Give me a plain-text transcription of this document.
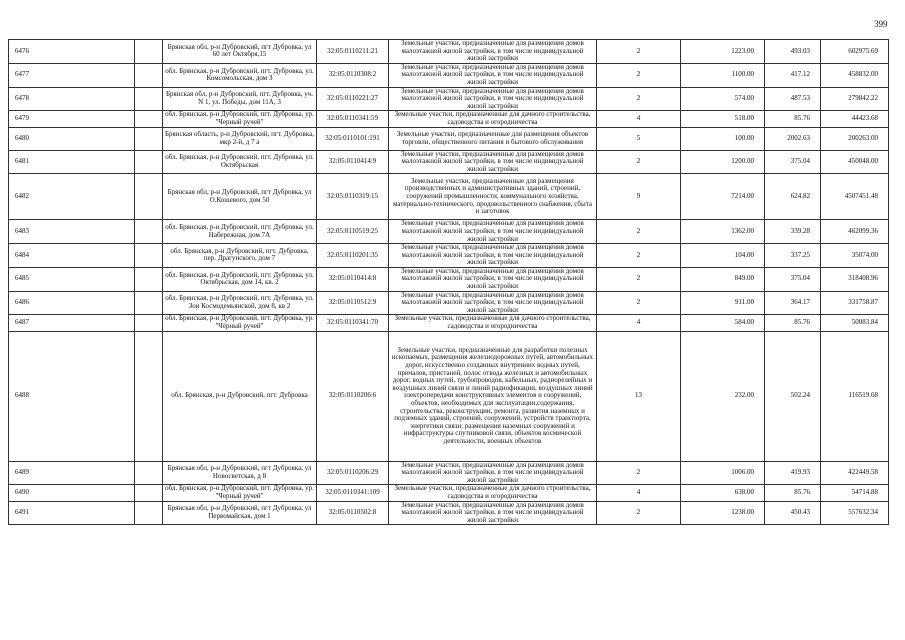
399
6476		Брянская обл, р-н Дубровский, пгт Дубровка, ул 60 лет Октября,15	32:05:0110211:21	Земельные участки, предназначенные для размещения домов малоэтажной жилой застройки, в том числе индивидуальной жилой застройки	2	1223.00	493.03	602975.69
6477		обл. Брянская, р-н Дубровский, пгт. Дубровка, ул. Комсомольская, дом 3	32:05:0110308:2	Земельные участки, предназначенные для размещения домов малоэтажной жилой застройки, в том числе индивидуальной жилой застройки	2	1100.00	417.12	458832.00
6478		Брянская обл, р-н Дубровский, пгт. Дубровка, уч. N 1, ул. Победы, дом 11А, 3	32:05:0110221:27	Земельные участки, предназначенные для размещения домов малоэтажной жилой застройки, в том числе индивидуальной жилой застройки	2	574.00	487.53	279842.22
6479		обл. Брянская, р-н Дубровский, пгт. Дубровка, ур. "Черный ручей"	32:05:0110341:59	Земельные участки, предназначенные для дачного строительства, садоводства и огородничества	4	518.00	85.76	44423.68
6480		Брянская область, р-н Дубровский, пгт. Дубровка, мкр 2-й, д 7 а	32:05:0110101:191	Земельные участки, предназначенные для размещения объектов торговли, общественного питания и бытового обслуживания	5	100.00	2002.63	200263.00
6481		обл. Брянская, р-н Дубровский, пгт. Дубровка, ул. Октябрьская	32:05:0110414:9	Земельные участки, предназначенные для размещения домов малоэтажной жилой застройки, в том числе индивидуальной жилой застройки	2	1200.00	375.04	450048.00
6482		Брянская обл, р-н Дубровский, пгт Дубровка, ул О.Кошевого, дом 50	32:05:0110319:15	Земельные участки, предназначенные для размещения производственных и административных зданий, строений, сооружений промышленности, коммунального хозяйства, материально-технического, продовольственного снабжения, сбыта и заготовок	9	7214.00	624.82	4507451.48
6483		обл. Брянская, р-н Дубровский, пгт. Дубровка, ул. Набережная, дом 7А	32:05:0110519:25	Земельные участки, предназначенные для размещения домов малоэтажной жилой застройки, в том числе индивидуальной жилой застройки	2	1362.00	339.28	462099.36
6484		обл. Брянская, р-н Дубровский, пгт. Дубровка, пер. Драгунского, дом 7	32:05:0110201:35	Земельные участки, предназначенные для размещения домов малоэтажной жилой застройки, в том числе индивидуальной жилой застройки	2	104.00	337.25	35074.00
6485		обл. Брянская, р-н Дубровский, пгт. Дубровка, ул. Октябрьская, дом 14, кв. 2	32:05:0110414:8	Земельные участки, предназначенные для размещения домов малоэтажной жилой застройки, в том числе индивидуальной жилой застройки	2	849.00	375.04	318408.96
6486		обл. Брянская, р-н Дубровский, пгт. Дубровка, ул. Зои Космодемьянской, дом 8, кв 2	32:05:0110512:9	Земельные участки, предназначенные для размещения домов малоэтажной жилой застройки, в том числе индивидуальной жилой застройки	2	911.00	364.17	331758.87
6487		обл. Брянская, р-н Дубровский, пгт. Дубровка, ур. "Чёрный ручей"	32:05:0110341:70	Земельные участки, предназначенные для дачного строительства, садоводства и огородничества	4	584.00	85.76	50083.84
6488		обл. Брянская, р-н Дубровский, пгт. Дубровка	32:05:0110206:6	Земельные участки, предназначенные для разработки полезных ископаемых, размещения железнодорожных путей, автомобильных дорог, искусственно созданных внутренних водных путей, причалов, пристаней, полос отвода железных и автомобильных дорог, водных путей, трубопроводов, кабельных, радиорелейных и воздушных линий связи и линий радиофикации, воздушных линий электропередачи конструктивных элементов и сооружений, объектов, необходимых для эксплуатации,содержания, строительства, реконструкции, ремонта, развития наземных и подземных зданий, строений, сооружений, устройств транспорта, энергетики связи; размещения наземных сооружений и инфраструктуры спутниковой связи, объектов космической деятельности, военных объектов	13	232.00	502.24	116519.68
6489		Брянская обл, р-н Дубровский, пгт Дубровка, ул Новосветская, д 8	32:05:0110206:29	Земельные участки, предназначенные для размещения домов малоэтажной жилой застройки, в том числе индивидуальной жилой застройки	2	1006.00	419.93	422449.58
6490		обл. Брянская, р-н Дубровский, пгт. Дубровка, ур. "Черный ручей"	32:05:0110341:109	Земельные участки, предназначенные для дачного строительства, садоводства и огородничества	4	638.00	85.76	54714.88
6491		Брянская обл, р-н Дубровский, пгт Дубровка, ул Первомайская, дом 1	32:05:0110502:8	Земельные участки, предназначенные для размещения домов малоэтажной жилой застройки, в том числе индивидуальной жилой застройки	2	1238.00	450.43	557632.34
